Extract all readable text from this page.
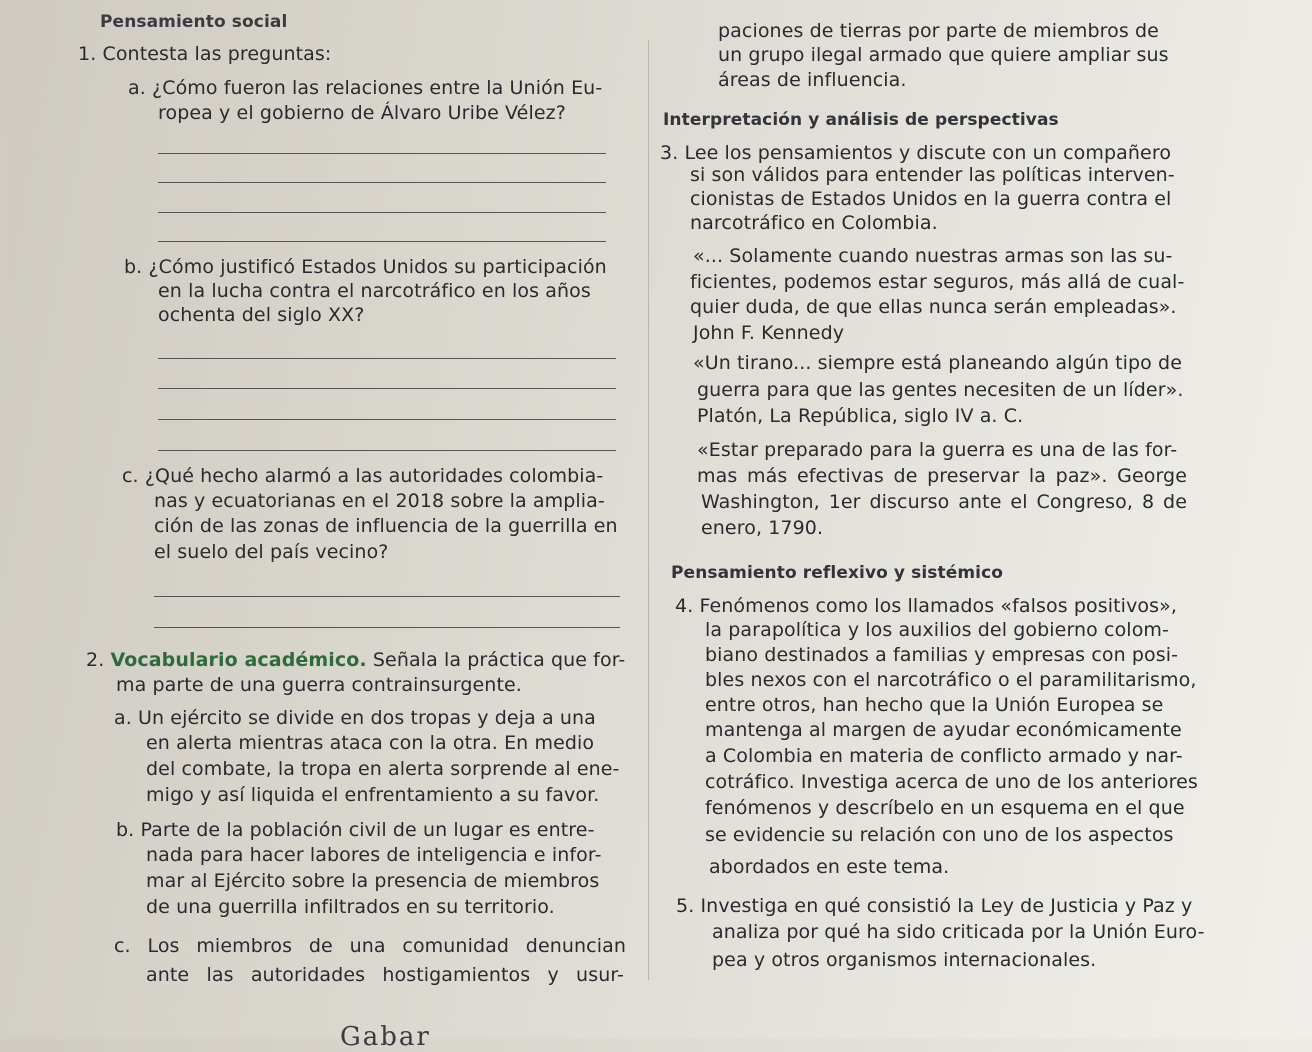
Pensamiento social
1. Contesta las preguntas:
a. ¿Cómo fueron las relaciones entre la Unión Eu-
ropea y el gobierno de Álvaro Uribe Vélez?
b. ¿Cómo justificó Estados Unidos su participación
en la lucha contra el narcotráfico en los años
ochenta del siglo XX?
c. ¿Qué hecho alarmó a las autoridades colombia-
nas y ecuatorianas en el 2018 sobre la amplia-
ción de las zonas de influencia de la guerrilla en
el suelo del país vecino?
2. Vocabulario académico. Señala la práctica que for-
ma parte de una guerra contrainsurgente.
a. Un ejército se divide en dos tropas y deja a una
en alerta mientras ataca con la otra. En medio
del combate, la tropa en alerta sorprende al ene-
migo y así liquida el enfrentamiento a su favor.
b. Parte de la población civil de un lugar es entre-
nada para hacer labores de inteligencia e infor-
mar al Ejército sobre la presencia de miembros
de una guerrilla infiltrados en su territorio.
c. Los miembros de una comunidad denuncian
ante las autoridades hostigamientos y usur-
paciones de tierras por parte de miembros de
un grupo ilegal armado que quiere ampliar sus
áreas de influencia.
Interpretación y análisis de perspectivas
3. Lee los pensamientos y discute con un compañero
si son válidos para entender las políticas interven-
cionistas de Estados Unidos en la guerra contra el
narcotráfico en Colombia.
«... Solamente cuando nuestras armas son las su-
ficientes, podemos estar seguros, más allá de cual-
quier duda, de que ellas nunca serán empleadas».
John F. Kennedy
«Un tirano... siempre está planeando algún tipo de
guerra para que las gentes necesiten de un líder».
Platón, La República, siglo IV a. C.
«Estar preparado para la guerra es una de las for-
mas más efectivas de preservar la paz». George
Washington, 1er discurso ante el Congreso, 8 de
enero, 1790.
Pensamiento reflexivo y sistémico
4. Fenómenos como los llamados «falsos positivos»,
la parapolítica y los auxilios del gobierno colom-
biano destinados a familias y empresas con posi-
bles nexos con el narcotráfico o el paramilitarismo,
entre otros, han hecho que la Unión Europea se
mantenga al margen de ayudar económicamente
a Colombia en materia de conflicto armado y nar-
cotráfico. Investiga acerca de uno de los anteriores
fenómenos y descríbelo en un esquema en el que
se evidencie su relación con uno de los aspectos
abordados en este tema.
5. Investiga en qué consistió la Ley de Justicia y Paz y
analiza por qué ha sido criticada por la Unión Euro-
pea y otros organismos internacionales.
Gabar
